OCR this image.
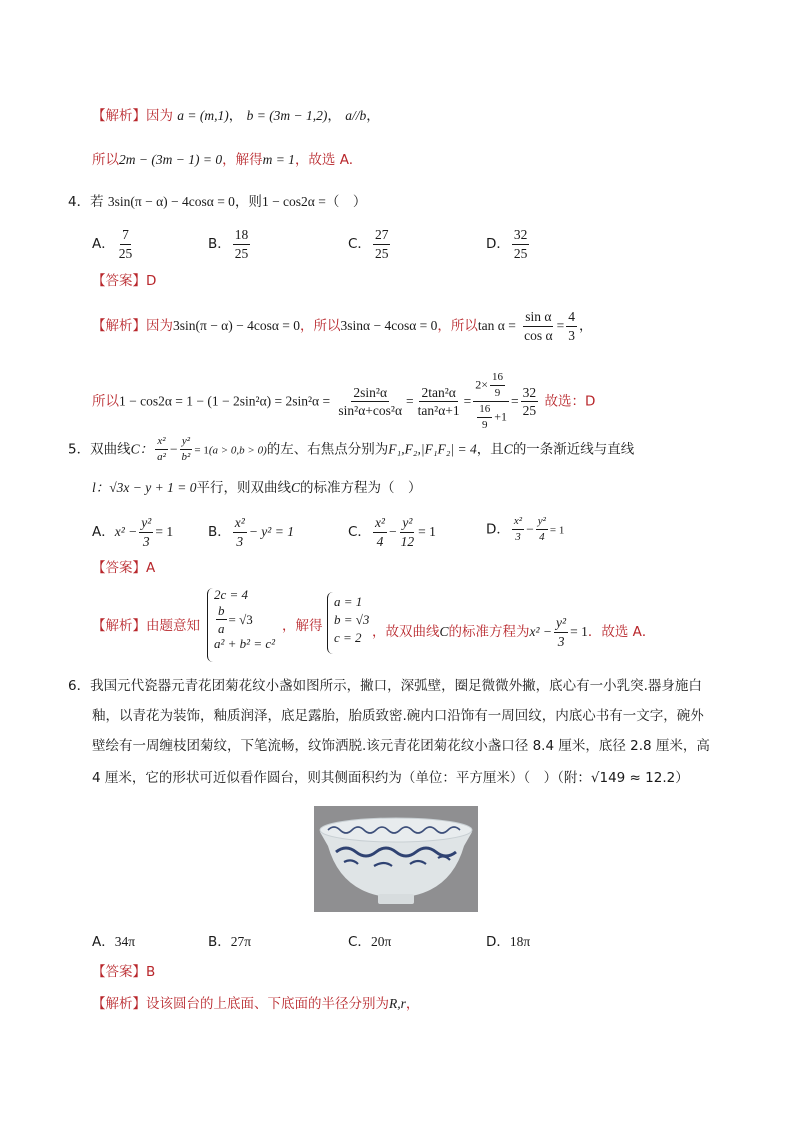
【解析】因为 a = (m,1)， b = (3m − 1,2)， a//b，
所以2m − (3m − 1) = 0，解得m = 1，故选 A.
4．若 3sin(π − α) − 4cosα = 0，则1 − cos2α =（　）
A． $\frac{7}{25}$	B． $\frac{18}{25}$	C． $\frac{27}{25}$	D． $\frac{32}{25}$
【答案】D
【解析】因为3sin(π − α) − 4cosα = 0，所以3sinα − 4cosα = 0，所以$\tan \alpha = \frac{\text{sin α}}{\text{cos α}} = \frac{4}{3}$ ，
所以$1 - \cos 2\alpha = 1 - (1 - 2\sin^2\alpha) = 2\sin^2\alpha = \frac{\text{2sin²α}}{\text{sin²α+cos²α}} = \frac{\text{2tan²α}}{\text{tan²α+1}} = \frac{2\times \frac{16}{9}}{\frac{16}{9} +1} = \frac{32}{25}$ 故选：D
5．双曲线C： $\frac{\text{x²}}{\text{a²}} - \frac{\text{y²}}{\text{b²}} = 1(a > 0,b > 0)$的左、右焦点分别为F₁,F₂,|F₁F₂| = 4，且C的一条渐近线与直线
l：√3x − y + 1 = 0平行，则双曲线C的标准方程为（　）
A．$x^2 - \frac{\text{y²}}{3} = 1$	B． $\frac{\text{x²}}{3} - y^2 = 1$	C． $\frac{\text{x²}}{4} - \frac{\text{y²}}{12} = 1$	D． $\frac{\text{x²}}{3} - \frac{\text{y²}}{4} = 1$
【答案】A
【解析】由题意知
2c = 4
$\frac{b}{a} = √3$
a² + b² = c²
，解得
a = 1
b = √3
c = 2 ，故双曲线C的标准方程为$x^2 - \frac{\text{y²}}{3} = 1$．故选 A．
6．我国元代瓷器元青花团菊花纹小盏如图所示，撇口，深弧壁，圈足微微外撇，底心有一小乳突.器身施白
釉，以青花为装饰，釉质润泽，底足露胎，胎质致密.碗内口沿饰有一周回纹，内底心书有一文字，碗外
壁绘有一周缠枝团菊纹，下笔流畅，纹饰洒脱.该元青花团菊花纹小盏口径 8.4 厘米，底径 2.8 厘米，高
4 厘米，它的形状可近似看作圆台，则其侧面积约为（单位：平方厘米）（　）（附：√149 ≈ 12.2）
A．34π	B．27π	C．20π	D．18π
【答案】B
【解析】设该圆台的上底面、下底面的半径分别为R,r，
